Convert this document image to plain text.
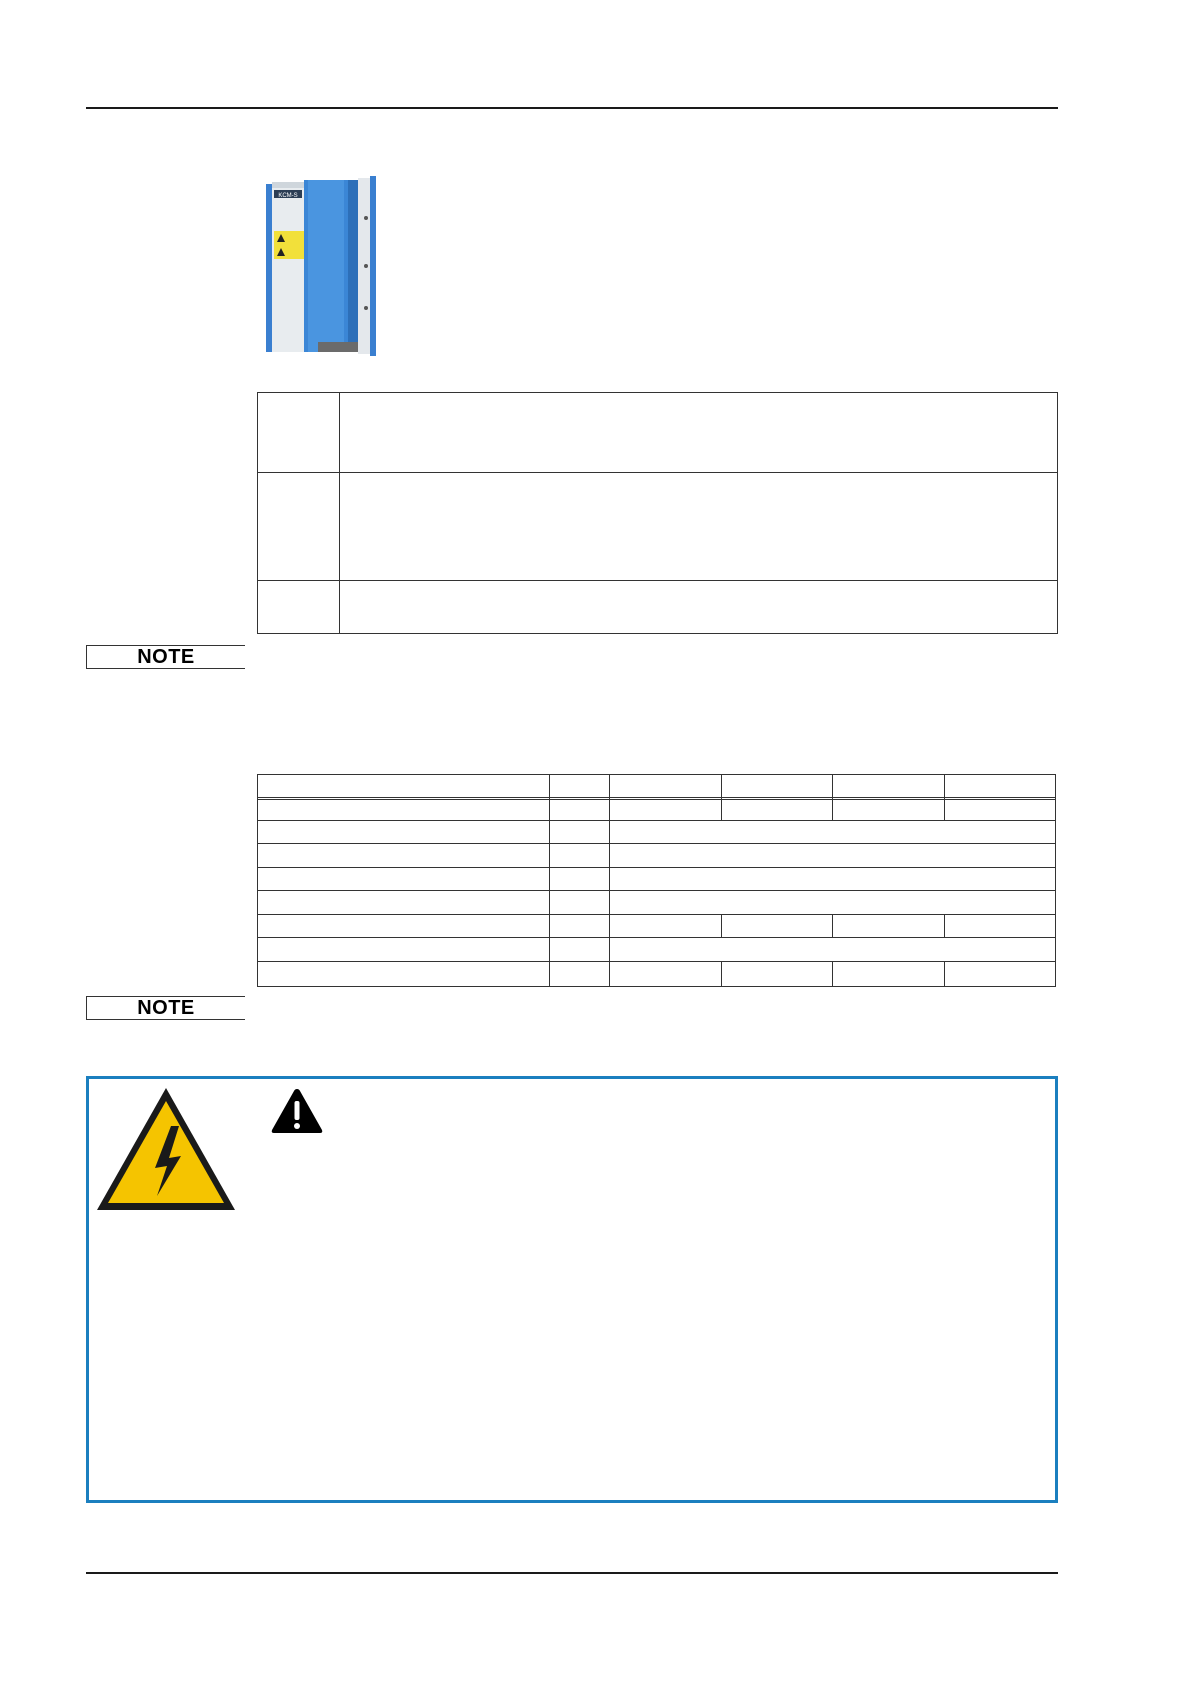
KCM-S
NOTE
NOTE
